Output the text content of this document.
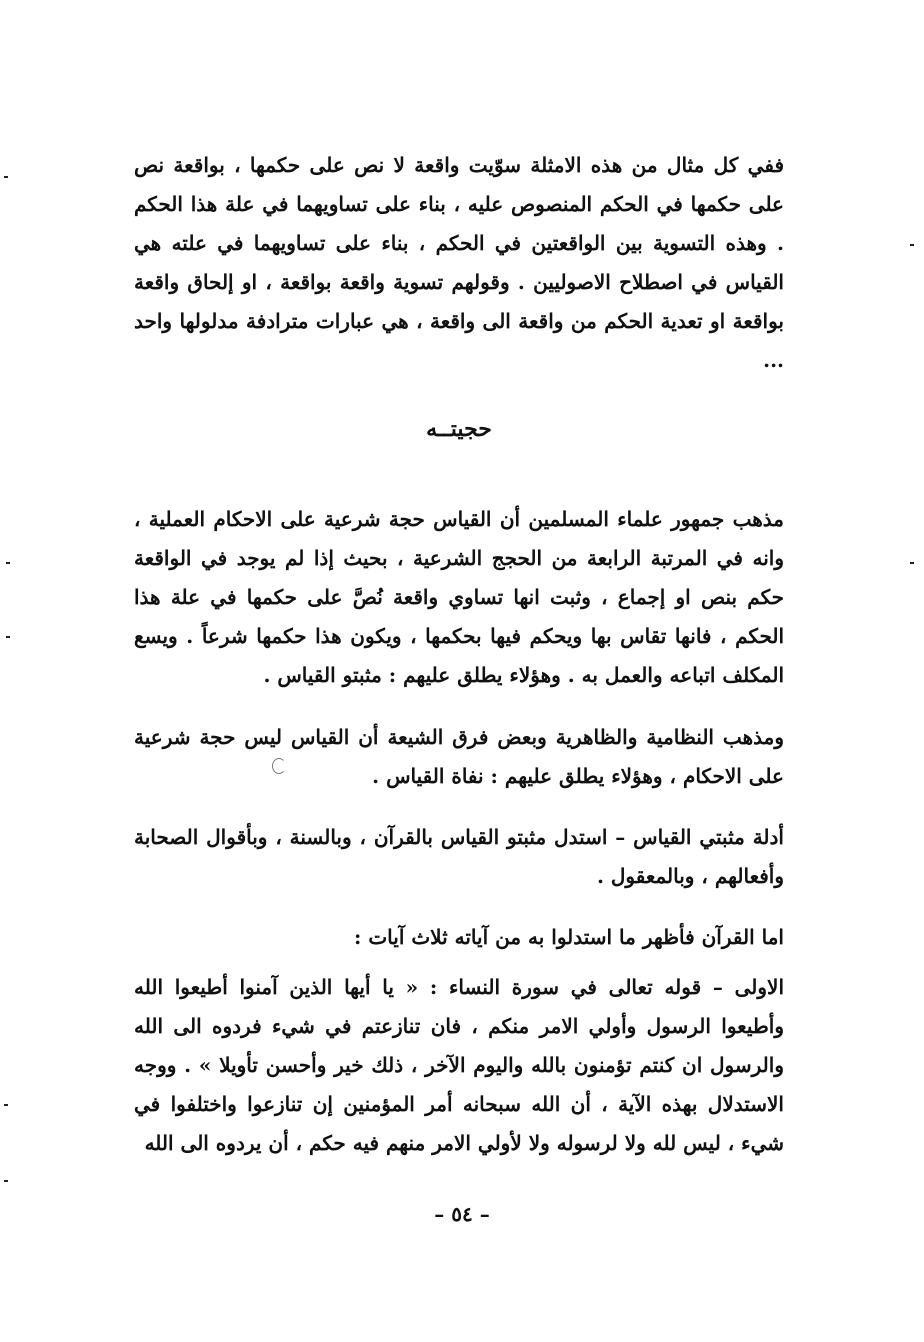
ففي كل مثال من هذه الامثلة سوّيت واقعة لا نص على حكمها ، بواقعة نص على حكمها في الحكم المنصوص عليه ، بناء على تساويهما في علة هذا الحكم . وهذه التسوية بين الواقعتين في الحكم ، بناء على تساويهما في علته هي القياس في اصطلاح الاصوليين . وقولهم تسوية واقعة بواقعة ، او إلحاق واقعة بواقعة او تعدية الحكم من واقعة الى واقعة ، هي عبارات مترادفة مدلولها واحد ...

حجيتــه

مذهب جمهور علماء المسلمين أن القياس حجة شرعية على الاحكام العملية ، وانه في المرتبة الرابعة من الحجج الشرعية ، بحيث إذا لم يوجد في الواقعة حكم بنص او إجماع ، وثبت انها تساوي واقعة نُصَّ على حكمها في علة هذا الحكم ، فانها تقاس بها ويحكم فيها بحكمها ، ويكون هذا حكمها شرعاً . ويسع المكلف اتباعه والعمل به . وهؤلاء يطلق عليهم : مثبتو القياس .

ومذهب النظامية والظاهرية وبعض فرق الشيعة أن القياس ليس حجة شرعية على الاحكام ، وهؤلاء يطلق عليهم : نفاة القياس .

أدلة مثبتي القياس – استدل مثبتو القياس بالقرآن ، وبالسنة ، وبأقوال الصحابة وأفعالهم ، وبالمعقول .

اما القرآن فأظهر ما استدلوا به من آياته ثلاث آيات :

الاولى – قوله تعالى في سورة النساء : « يا أيها الذين آمنوا أطيعوا الله وأطيعوا الرسول وأولي الامر منكم ، فان تنازعتم في شيء فردوه الى الله والرسول ان كنتم تؤمنون بالله واليوم الآخر ، ذلك خير وأحسن تأويلا » . ووجه الاستدلال بهذه الآية ، أن الله سبحانه أمر المؤمنين إن تنازعوا واختلفوا في شيء ، ليس لله ولا لرسوله ولا لأولي الامر منهم فيه حكم ، أن يردوه الى الله

– ٥٤ –
